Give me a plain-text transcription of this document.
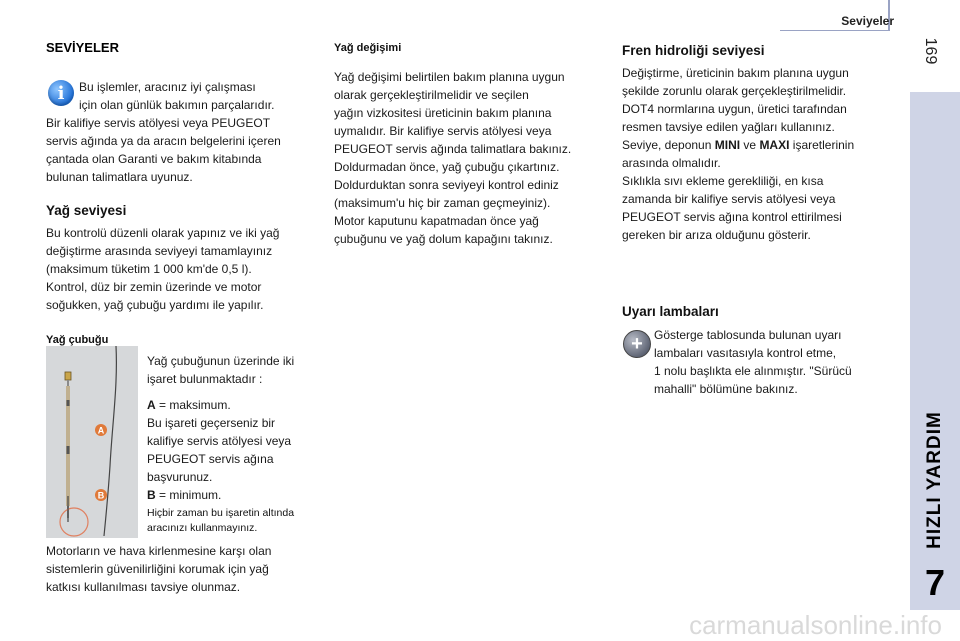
Seviyeler
169
HIZLI YARDIM
7
SEVİYELER
i	Bu işlemler, aracınız iyi çalışması

için olan günlük bakımın parçalarıdır.

Bir kalifiye servis atölyesi veya PEUGEOT

servis ağında ya da aracın belgelerini içeren

çantada olan Garanti ve bakım kitabında

bulunan talimatlara uyunuz.

Yağ seviyesi

Bu kontrolü düzenli olarak yapınız ve iki yağ

değiştirme arasında seviyeyi tamamlayınız

(maksimum tüketim 1 000 km'de 0,5 l).

Kontrol, düz bir zemin üzerinde ve motor

soğukken, yağ çubuğu yardımı ile yapılır.

Yağ çubuğu
A
B

Yağ çubuğunun üzerinde iki

işaret bulunmaktadır :

A = maksimum.

Bu işareti geçerseniz bir

kalifiye servis atölyesi veya

PEUGEOT servis ağına

başvurunuz.

B = minimum.

Hiçbir zaman bu işaretin altında

aracınızı kullanmayınız.

Motorların ve hava kirlenmesine karşı olan

sistemlerin güvenilirliğini korumak için yağ

katkısı kullanılması tavsiye olunmaz.

Yağ değişimi

Yağ değişimi belirtilen bakım planına uygun

olarak gerçekleştirilmelidir ve seçilen

yağın vizkositesi üreticinin bakım planına

uymalıdır. Bir kalifiye servis atölyesi veya

PEUGEOT servis ağında talimatlara bakınız.

Doldurmadan önce, yağ çubuğu çıkartınız.

Doldurduktan sonra seviyeyi kontrol ediniz

(maksimum'u hiç bir zaman geçmeyiniz).

Motor kaputunu kapatmadan önce yağ

çubuğunu ve yağ dolum kapağını takınız.

Fren hidroliği seviyesi

Değiştirme, üreticinin bakım planına uygun

şekilde zorunlu olarak gerçekleştirilmelidir.

DOT4 normlarına uygun, üretici tarafından

resmen tavsiye edilen yağları kullanınız.

Seviye, deponun MINI ve MAXI işaretlerinin

arasında olmalıdır.

Sıklıkla sıvı ekleme gerekliliği, en kısa

zamanda bir kalifiye servis atölyesi veya

PEUGEOT servis ağına kontrol ettirilmesi

gereken bir arıza olduğunu gösterir.

Uyarı lambaları
+ Gösterge tablosunda bulunan uyarı

lambaları vasıtasıyla kontrol etme,

1 nolu başlıkta ele alınmıştır. "Sürücü

mahalli" bölümüne bakınız.

carmanualsonline.info
